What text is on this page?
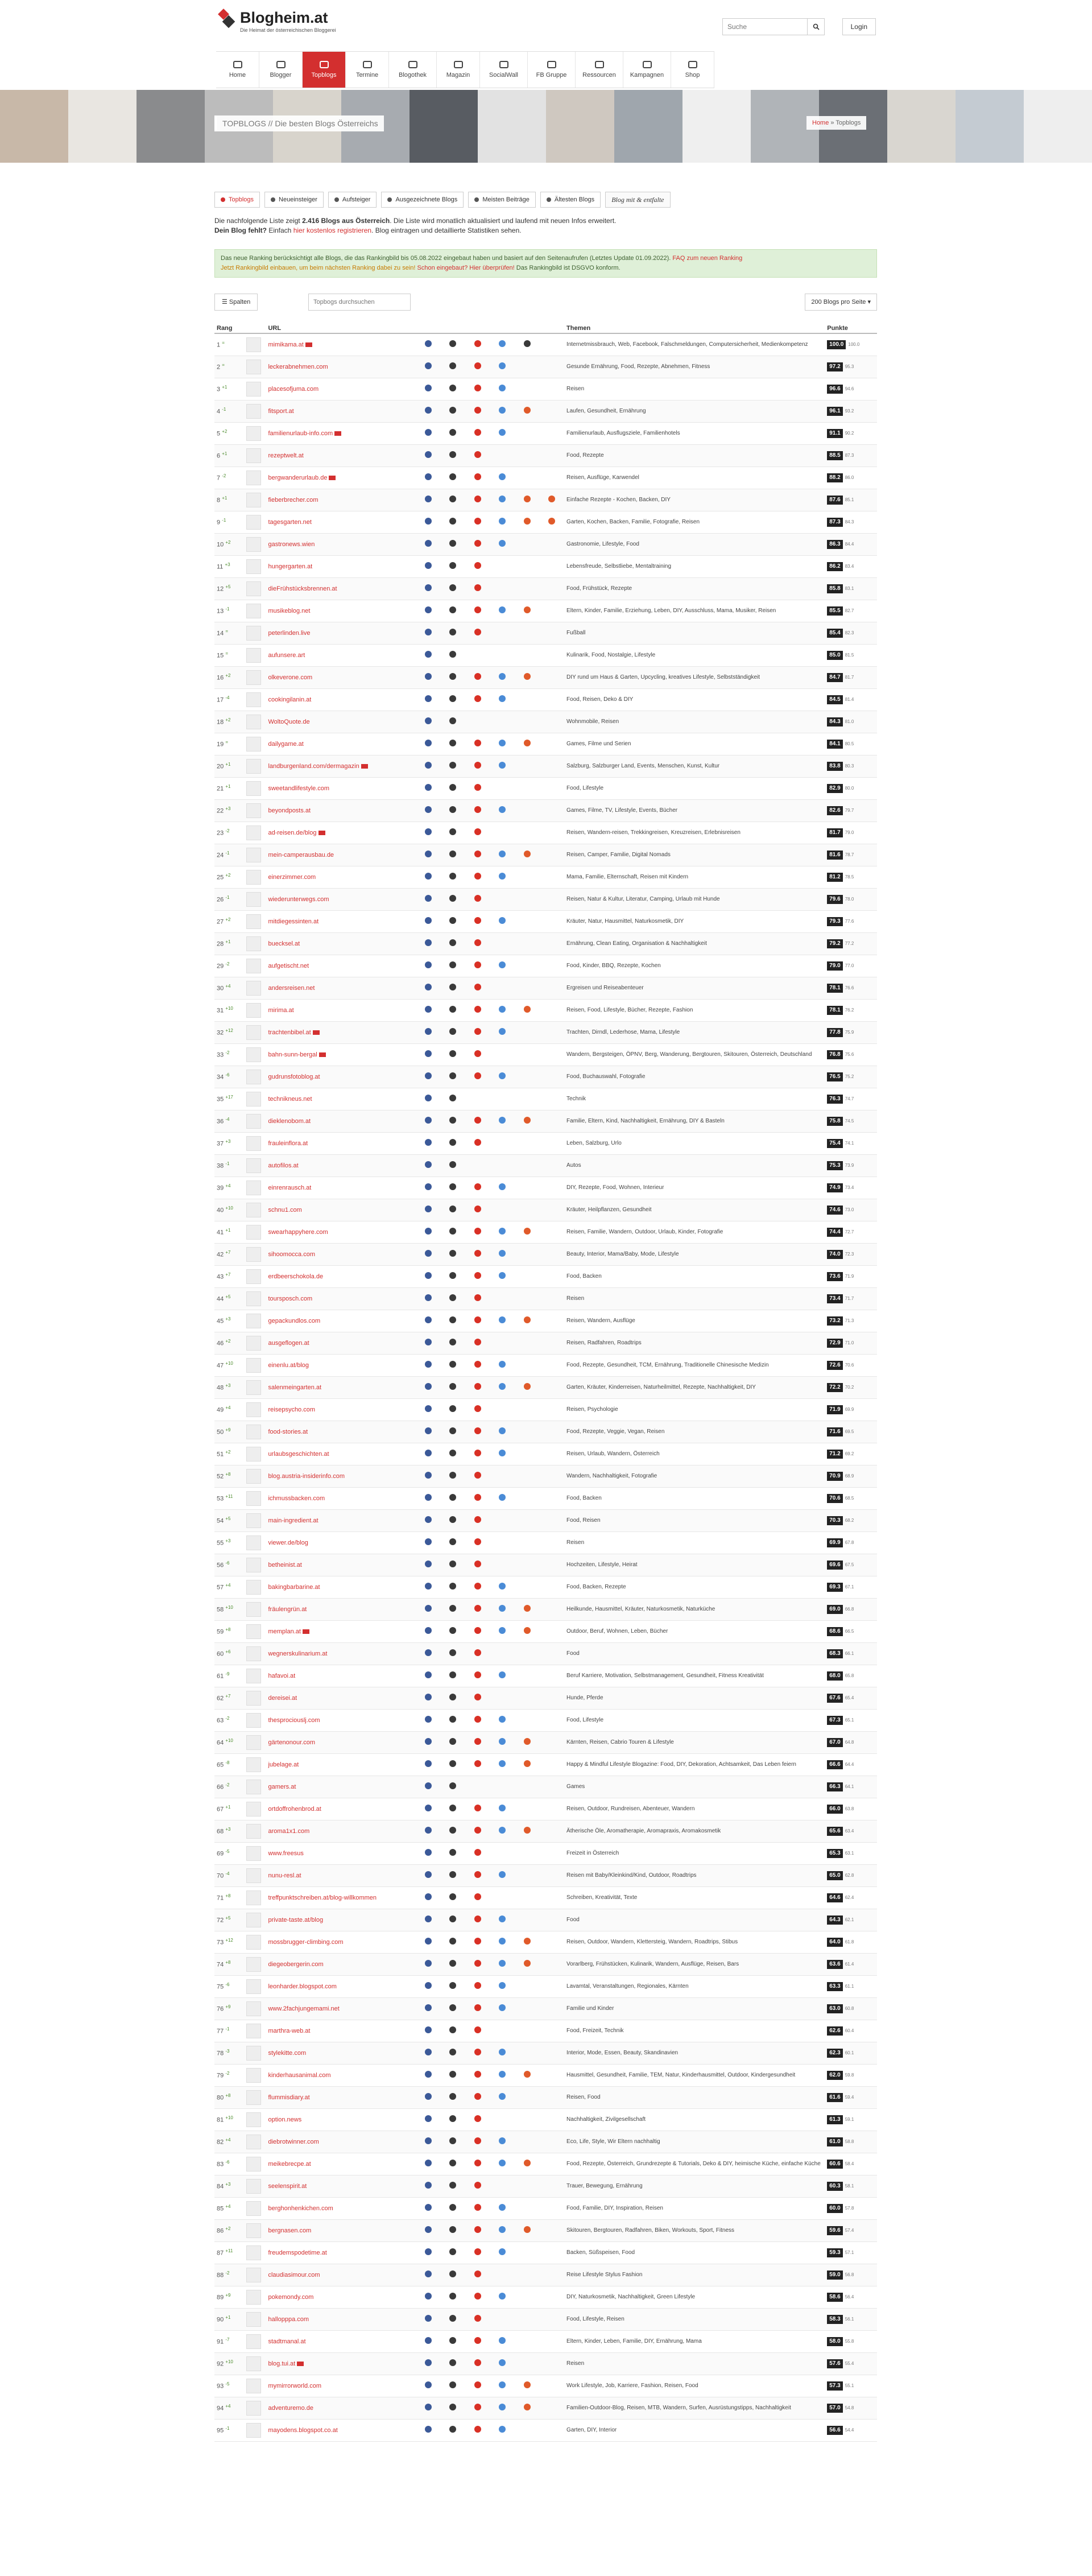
Blogheim.at
Die Heimat der österreichischen Bloggerei
Suche	Login
Home	Blogger	Topblogs	Termine	Blogothek	Magazin	SocialWall	FB Gruppe	Ressourcen Kampagnen	Shop
TOPBLOGS // Die besten Blogs Österreichs	Home » Topblogs
Topblogs	Neueinsteiger	Aufsteiger	Ausgezeichnete Blogs	Meisten Beiträge	Ältesten Blogs	Blog mit & entfalte
Die nachfolgende Liste zeigt 2.416 Blogs aus Österreich. Die Liste wird monatlich aktualisiert und laufend mit neuen Infos erweitert.
Dein Blog fehlt? Einfach hier kostenlos registrieren. Blog eintragen und detaillierte Statistiken sehen.
Das neue Ranking berücksichtigt alle Blogs, die das Rankingbild bis 05.08.2022 eingebaut haben und basiert auf den Seitenaufrufen (Letztes Update 01.09.2022). FAQ zum neuen Ranking
Jetzt Rankingbild einbauen, um beim nächsten Ranking dabei zu sein! Schon eingebaut? Hier überprüfen! Das Rankingbild ist DSGVO konform.
☰ Spalten
Topbogs durchsuchen	200 Blogs pro Seite ▾
Rang		URL							Themen	Punkte
1 =		mimikama.at							Internetmissbrauch, Web, Facebook, Falschmeldungen, Computersicherheit, Medienkompetenz	100.0 100.0
2 =		leckerabnehmen.com							Gesunde Ernährung, Food, Rezepte, Abnehmen, Fitness	97.2 95.3
3 $^{+1}$		placesofjuma.com							Reisen	96.6 94.6
4 $^{-1}$		fitsport.at							Laufen, Gesundheit, Ernährung	96.1 93.2
5 $^{+2}$		familienurlaub-info.com							Familienurlaub, Ausflugsziele, Familienhotels	91.1 90.2
6 $^{+1}$		rezeptwelt.at							Food, Rezepte	88.5 87.3
7 $^{-2}$		bergwanderurlaub.de							Reisen, Ausflüge, Karwendel	88.2 86.0
8 $^{+1}$		fieberbrecher.com							Einfache Rezepte - Kochen, Backen, DIY	87.6 85.1
9 $^{-1}$		tagesgarten.net							Garten, Kochen, Backen, Familie, Fotografie, Reisen	87.3 84.3
10 $^{+2}$		gastronews.wien							Gastronomie, Lifestyle, Food	86.3 84.4
11 $^{+3}$		hungergarten.at							Lebensfreude, Selbstliebe, Mentaltraining	86.2 83.4
12 $^{+5}$		dieFrühstücksbrennen.at							Food, Frühstück, Rezepte	85.8 83.1
13 $^{-1}$		musikeblog.net							Eltern, Kinder, Familie, Erziehung, Leben, DIY, Ausschluss, Mama, Musiker, Reisen	85.5 82.7
14 =		peterlinden.live							Fußball	85.4 82.3
15 =		aufunsere.art							Kulinarik, Food, Nostalgie, Lifestyle	85.0 81.5
16 $^{+2}$		olkeverone.com							DIY rund um Haus & Garten, Upcycling, kreatives Lifestyle, Selbstständigkeit	84.7 81.7
17 $^{-4}$		cookingilanin.at							Food, Reisen, Deko & DIY	84.5 81.4
18 $^{+2}$		WoltoQuote.de							Wohnmobile, Reisen	84.3 81.0
19 =		dailygame.at							Games, Filme und Serien	84.1 80.5
20 $^{+1}$		landburgenland.com/dermagazin							Salzburg, Salzburger Land, Events, Menschen, Kunst, Kultur	83.8 80.3
21 $^{+1}$		sweetandlifestyle.com							Food, Lifestyle	82.9 80.0
22 $^{+3}$		beyondposts.at							Games, Filme, TV, Lifestyle, Events, Bücher	82.6 79.7
23 $^{-2}$		ad-reisen.de/blog							Reisen, Wandern-reisen, Trekkingreisen, Kreuzreisen, Erlebnisreisen	81.7 79.0
24 $^{-1}$		mein-camperausbau.de							Reisen, Camper, Familie, Digital Nomads	81.6 78.7
25 $^{+2}$		einerzimmer.com							Mama, Familie, Elternschaft, Reisen mit Kindern	81.2 78.5
26 $^{-1}$		wiederunterwegs.com							Reisen, Natur & Kultur, Literatur, Camping, Urlaub mit Hunde	79.6 78.0
27 $^{+2}$		mitdiegessinten.at							Kräuter, Natur, Hausmittel, Naturkosmetik, DIY	79.3 77.6
28 $^{+1}$		buecksel.at							Ernährung, Clean Eating, Organisation & Nachhaltigkeit	79.2 77.2
29 $^{-2}$		aufgetischt.net							Food, Kinder, BBQ, Rezepte, Kochen	79.0 77.0
30 $^{+4}$		andersreisen.net							Ergreisen und Reiseabenteuer	78.1 76.6
31 $^{+10}$		mirima.at							Reisen, Food, Lifestyle, Bücher, Rezepte, Fashion	78.1 76.2
32 $^{+12}$		trachtenbibel.at							Trachten, Dirndl, Lederhose, Mama, Lifestyle	77.8 75.9
33 $^{-2}$		bahn-sunn-bergal							Wandern, Bergsteigen, ÖPNV, Berg, Wanderung, Bergtouren, Skitouren, Österreich, Deutschland	76.8 75.6
34 $^{-6}$		gudrunsfotoblog.at							Food, Buchauswahl, Fotografie	76.5 75.2
35 $^{+17}$		technikneus.net							Technik	76.3 74.7
36 $^{-4}$		dieklenobom.at							Familie, Eltern, Kind, Nachhaltigkeit, Ernährung, DIY & Basteln	75.8 74.5
37 $^{+3}$		frauleinflora.at							Leben, Salzburg, Urlo	75.4 74.1
38 $^{-1}$		autofilos.at							Autos	75.3 73.9
39 $^{+4}$		einrenrausch.at							DIY, Rezepte, Food, Wohnen, Interieur	74.9 73.4
40 $^{+10}$		schnu1.com							Kräuter, Heilpflanzen, Gesundheit	74.6 73.0
41 $^{+1}$		swearhappyhere.com							Reisen, Familie, Wandern, Outdoor, Urlaub, Kinder, Fotografie	74.4 72.7
42 $^{+7}$		sihoomocca.com							Beauty, Interior, Mama/Baby, Mode, Lifestyle	74.0 72.3
43 $^{+7}$		erdbeerschokola.de							Food, Backen	73.6 71.9
44 $^{+5}$		toursposch.com							Reisen	73.4 71.7
45 $^{+3}$		gepackundlos.com							Reisen, Wandern, Ausflüge	73.2 71.3
46 $^{+2}$		ausgeflogen.at							Reisen, Radfahren, Roadtrips	72.9 71.0
47 $^{+10}$		einenlu.at/blog							Food, Rezepte, Gesundheit, TCM, Ernährung, Traditionelle Chinesische Medizin	72.6 70.6
48 $^{+3}$		salenmeingarten.at							Garten, Kräuter, Kinderreisen, Naturheilmittel, Rezepte, Nachhaltigkeit, DIY	72.2 70.2
49 $^{+4}$		reisepsycho.com							Reisen, Psychologie	71.9 69.9
50 $^{+9}$		food-stories.at							Food, Rezepte, Veggie, Vegan, Reisen	71.6 69.5
51 $^{+2}$		urlaubsgeschichten.at							Reisen, Urlaub, Wandern, Österreich	71.2 69.2
52 $^{+8}$		blog.austria-insiderinfo.com							Wandern, Nachhaltigkeit, Fotografie	70.9 68.9
53 $^{+11}$		ichmussbacken.com							Food, Backen	70.6 68.5
54 $^{+5}$		main-ingredient.at							Food, Reisen	70.3 68.2
55 $^{+3}$		viewer.de/blog							Reisen	69.9 67.8
56 $^{-6}$		betheinist.at							Hochzeiten, Lifestyle, Heirat	69.6 67.5
57 $^{+4}$		bakingbarbarine.at							Food, Backen, Rezepte	69.3 67.1
58 $^{+10}$		fräulengrün.at							Heilkunde, Hausmittel, Kräuter, Naturkosmetik, Naturküche	69.0 66.8
59 $^{+8}$		memplan.at							Outdoor, Beruf, Wohnen, Leben, Bücher	68.6 66.5
60 $^{+6}$		wegnerskulinarium.at							Food	68.3 66.1
61 $^{-9}$		hafavoi.at							Beruf Karriere, Motivation, Selbstmanagement, Gesundheit, Fitness Kreativität	68.0 65.8
62 $^{+7}$		dereisei.at							Hunde, Pferde	67.6 65.4
63 $^{-2}$		thesprociouslj.com							Food, Lifestyle	67.3 65.1
64 $^{+10}$		gärtenonour.com							Kärnten, Reisen, Cabrio Touren & Lifestyle	67.0 64.8
65 $^{-8}$		jubelage.at							Happy & Mindful Lifestyle Blogazine: Food, DIY, Dekoration, Achtsamkeit, Das Leben feiern	66.6 64.4
66 $^{-2}$		gamers.at							Games	66.3 64.1
67 $^{+1}$		ortdoffrohenbrod.at							Reisen, Outdoor, Rundreisen, Abenteuer, Wandern	66.0 63.8
68 $^{+3}$		aroma1x1.com							Ätherische Öle, Aromatherapie, Aromapraxis, Aromakosmetik	65.6 63.4
69 $^{-5}$		www.freesus							Freizeit in Österreich	65.3 63.1
70 $^{-4}$		nunu-resl.at							Reisen mit Baby/Kleinkind/Kind, Outdoor, Roadtrips	65.0 62.8
71 $^{+8}$		treffpunktschreiben.at/blog-willkommen							Schreiben, Kreativität, Texte	64.6 62.4
72 $^{+5}$		private-taste.at/blog							Food	64.3 62.1
73 $^{+12}$		mossbrugger-climbing.com							Reisen, Outdoor, Wandern, Klettersteig, Wandern, Roadtrips, Stibus	64.0 61.8
74 $^{+8}$		diegeobergerin.com							Vorarlberg, Frühstücken, Kulinarik, Wandern, Ausflüge, Reisen, Bars	63.6 61.4
75 $^{-6}$		leonharder.blogspot.com							Lavamtal, Veranstaltungen, Regionales, Kärnten	63.3 61.1
76 $^{+9}$		www.2fachjungemami.net							Familie und Kinder	63.0 60.8
77 $^{-1}$		marthra-web.at							Food, Freizeit, Technik	62.6 60.4
78 $^{-3}$		stylekitte.com							Interior, Mode, Essen, Beauty, Skandinavien	62.3 60.1
79 $^{-2}$		kinderhausanimal.com							Hausmittel, Gesundheit, Familie, TEM, Natur, Kinderhausmittel, Outdoor, Kindergesundheit	62.0 59.8
80 $^{+8}$		flummisdiary.at							Reisen, Food	61.6 59.4
81 $^{+10}$		option.news							Nachhaltigkeit, Zivilgesellschaft	61.3 59.1
82 $^{+4}$		diebrotwinner.com							Eco, Life, Style, Wir Eltern nachhaltig	61.0 58.8
83 $^{-6}$		meikebrecpe.at							Food, Rezepte, Österreich, Grundrezepte & Tutorials, Deko & DIY, heimische Küche, einfache Küche	60.6 58.4
84 $^{+3}$		seelenspirit.at							Trauer, Bewegung, Ernährung	60.3 58.1
85 $^{+4}$		berghonhenkichen.com							Food, Familie, DIY, Inspiration, Reisen	60.0 57.8
86 $^{+2}$		bergnasen.com							Skitouren, Bergtouren, Radfahren, Biken, Workouts, Sport, Fitness	59.6 57.4
87 $^{+11}$		freudemspodetime.at							Backen, Süßspeisen, Food	59.3 57.1
88 $^{-2}$		claudiasimour.com							Reise Lifestyle Stylus Fashion	59.0 56.8
89 $^{+9}$		pokemondy.com							DIY, Naturkosmetik, Nachhaltigkeit, Green Lifestyle	58.6 56.4
90 $^{+1}$		hallopppa.com							Food, Lifestyle, Reisen	58.3 56.1
91 $^{-7}$		stadtmanal.at							Eltern, Kinder, Leben, Familie, DIY, Ernährung, Mama	58.0 55.8
92 $^{+10}$		blog.tui.at							Reisen	57.6 55.4
93 $^{-5}$		mymirrorworld.com							Work Lifestyle, Job, Karriere, Fashion, Reisen, Food	57.3 55.1
94 $^{+4}$		adventuremo.de							Familien-Outdoor-Blog, Reisen, MTB, Wandern, Surfen, Ausrüstungstipps, Nachhaltigkeit	57.0 54.8
95 $^{-1}$		mayodens.blogspot.co.at							Garten, DIY, Interior	56.6 54.4
